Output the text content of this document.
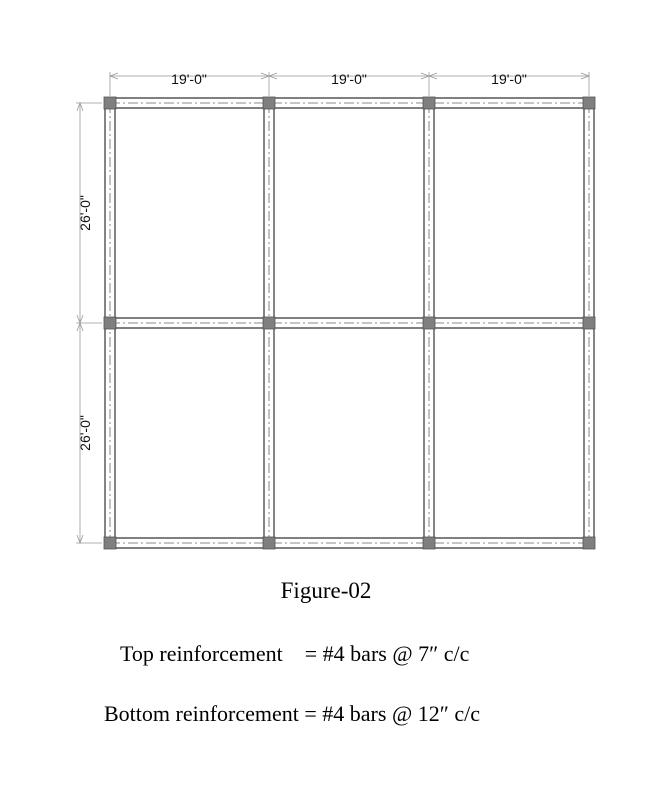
19'-0"	19'-0"	19'-0"
26'-0"
26'-0"
Figure-02
Top reinforcement    = #4 bars @ 7″ c/c
Bottom reinforcement = #4 bars @ 12″ c/c
